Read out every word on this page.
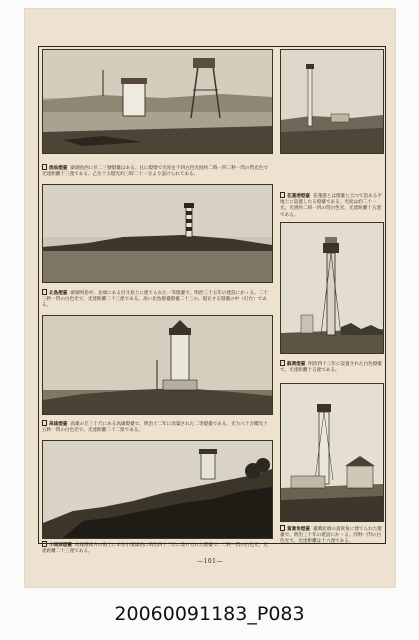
漁翁燈臺 澎湖島西に位二三號燈臺はある。且に燈塔で光度を不四白色光度約二時一四二秒一閃の閃光色で光達距離十三浬である。乙位十五燈光約三時二十一分より設けられてある。
花蓮港燈臺 花蓮港とは燈臺と云つて恐ある平地上に設置したる燈臺である。光度は約二十一光、光到約二時一四の閃白色光、光達距離十五浬である。
北島燈臺 澎湖列島中、北端にある目斗島上に建てられた一等燈臺で、明治三十五年の建設にかゝる。二十三秒一閃の白色光で、光達距離二十三浬である。高い北島燈臺燈臺二十三の、現在する燈臺の中（灯台）である。
蘇澳燈臺 明治四十三年に設置された白色燈臺で、光達距離十五浬である。
高雄燈臺 高雄の丘三十尺にある高雄燈臺で、明治十二年に改築された二等燈臺である。光力六十万燭光十五秒一閃の白色光で、光達距離二十二浬である。
小琉球燈臺 高雄港南方の海上にある小琉球島に明治四十二年に設けられた燈臺で、二秒一閃の白色光、光達距離二十三浬である。
富貴角燈臺 臺灣北端の富貴角に建てられた燈臺で、明治三十年の建設にかゝる。四秒一閃の白色光で、光達距離は十六浬である。
—101—
20060091183_P083
